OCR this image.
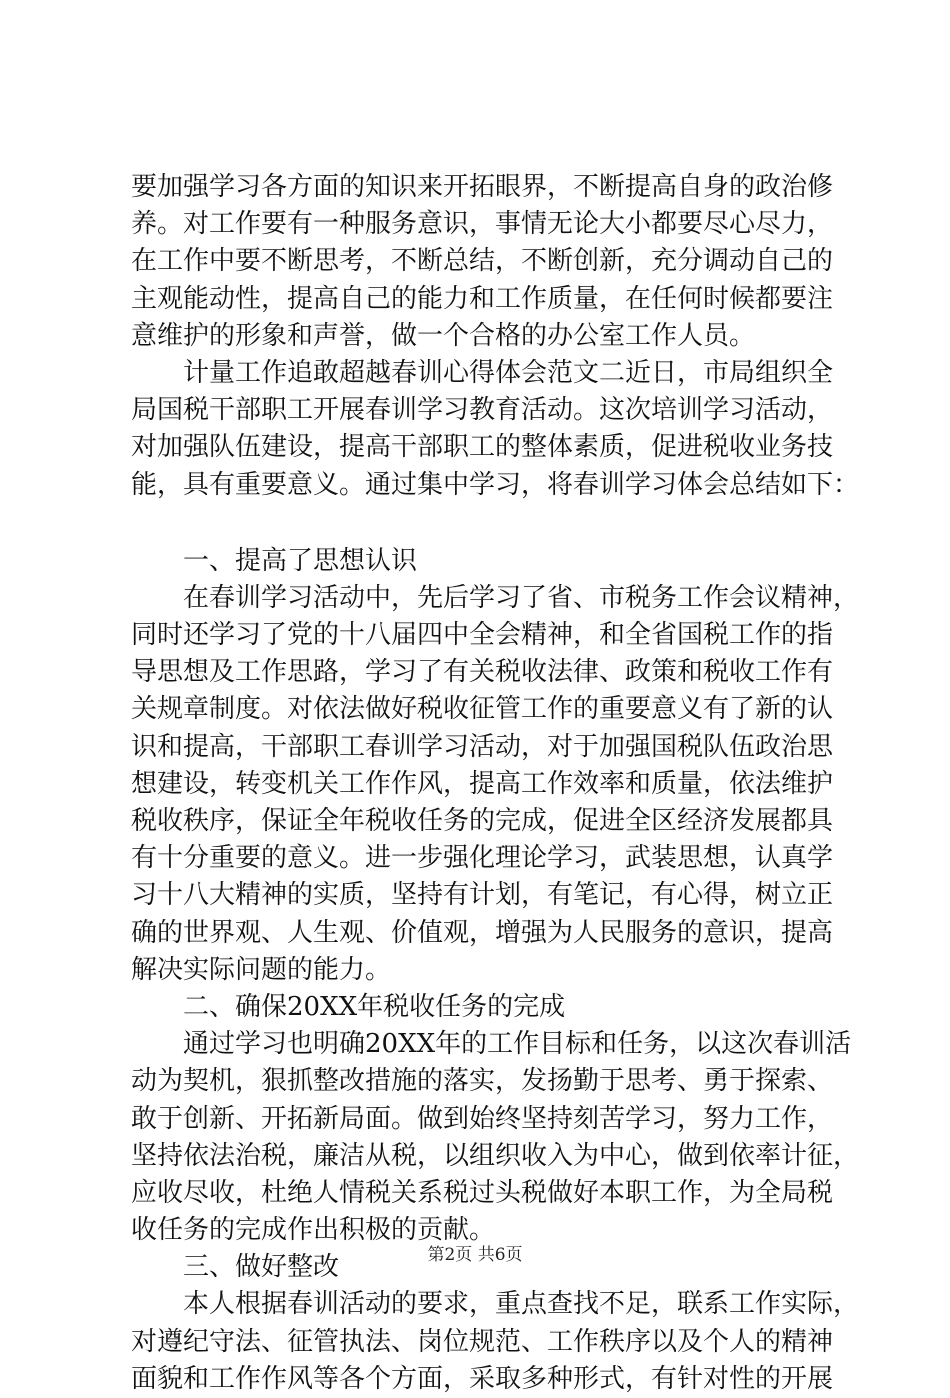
要加强学习各方面的知识来开拓眼界，不断提高自身的政治修
养。对工作要有一种服务意识，事情无论大小都要尽心尽力，
在工作中要不断思考，不断总结，不断创新，充分调动自己的
主观能动性，提高自己的能力和工作质量，在任何时候都要注
意维护的形象和声誉，做一个合格的办公室工作人员。
计量工作追敢超越春训心得体会范文二近日，市局组织全
局国税干部职工开展春训学习教育活动。这次培训学习活动，
对加强队伍建设，提高干部职工的整体素质，促进税收业务技
能，具有重要意义。通过集中学习，将春训学习体会总结如下：
一、提高了思想认识
在春训学习活动中，先后学习了省、市税务工作会议精神，
同时还学习了党的十八届四中全会精神，和全省国税工作的指
导思想及工作思路，学习了有关税收法律、政策和税收工作有
关规章制度。对依法做好税收征管工作的重要意义有了新的认
识和提高，干部职工春训学习活动，对于加强国税队伍政治思
想建设，转变机关工作作风，提高工作效率和质量，依法维护
税收秩序，保证全年税收任务的完成，促进全区经济发展都具
有十分重要的意义。进一步强化理论学习，武装思想，认真学
习十八大精神的实质，坚持有计划，有笔记，有心得，树立正
确的世界观、人生观、价值观，增强为人民服务的意识，提高
解决实际问题的能力。
二、确保20XX年税收任务的完成
通过学习也明确20XX年的工作目标和任务，以这次春训活
动为契机，狠抓整改措施的落实，发扬勤于思考、勇于探索、
敢于创新、开拓新局面。做到始终坚持刻苦学习，努力工作，
坚持依法治税，廉洁从税，以组织收入为中心，做到依率计征，
应收尽收，杜绝人情税关系税过头税做好本职工作，为全局税
收任务的完成作出积极的贡献。
三、做好整改
本人根据春训活动的要求，重点查找不足，联系工作实际，
对遵纪守法、征管执法、岗位规范、工作秩序以及个人的精神
面貌和工作作风等各个方面，采取多种形式，有针对性的开展
第2页 共6页
